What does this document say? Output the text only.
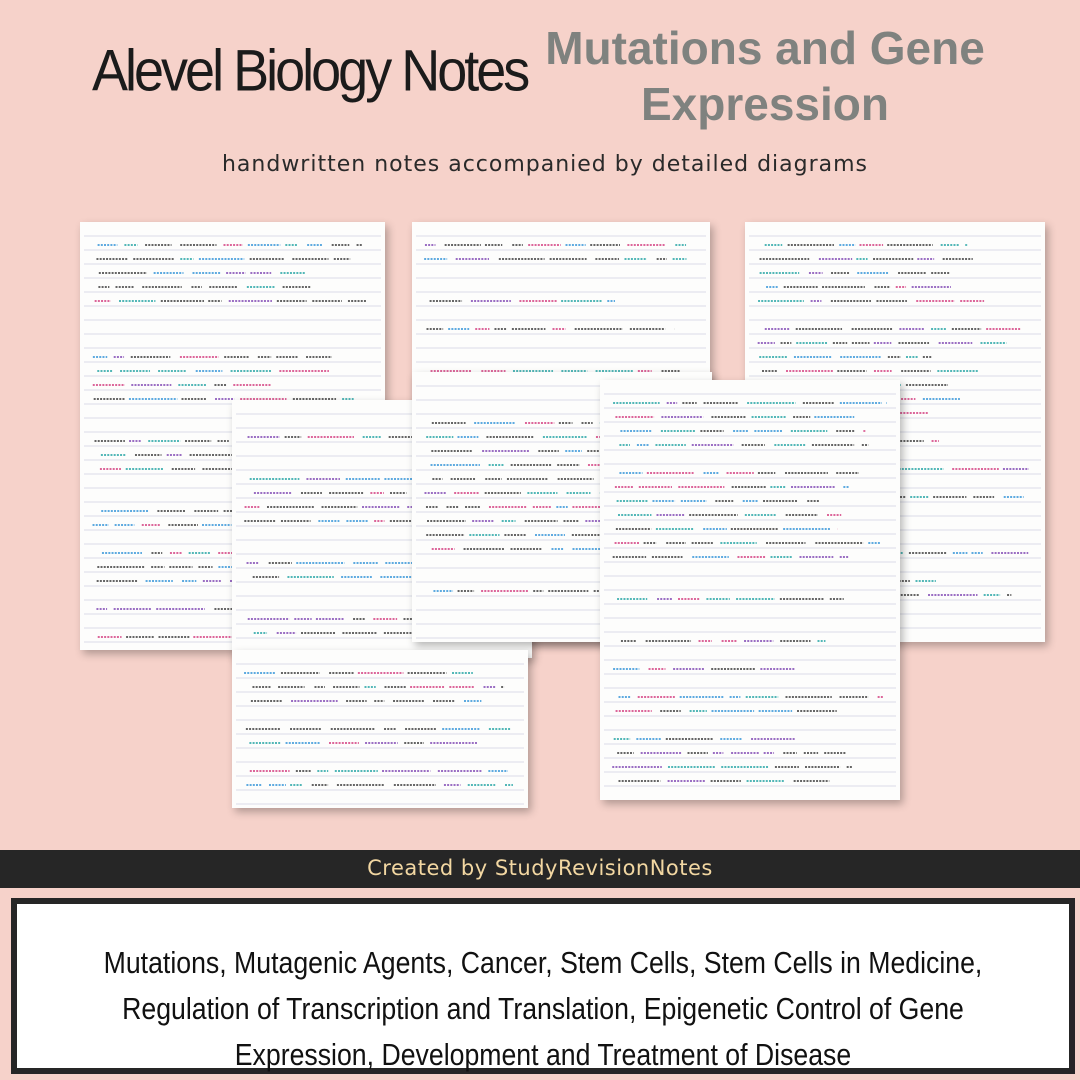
Alevel Biology Notes Mutations and Gene Expression
handwritten notes accompanied by detailed diagrams
Created by StudyRevisionNotes
Mutations, Mutagenic Agents, Cancer, Stem Cells, Stem Cells in Medicine, Regulation of Transcription and Translation, Epigenetic Control of Gene Expression, Development and Treatment of Disease
